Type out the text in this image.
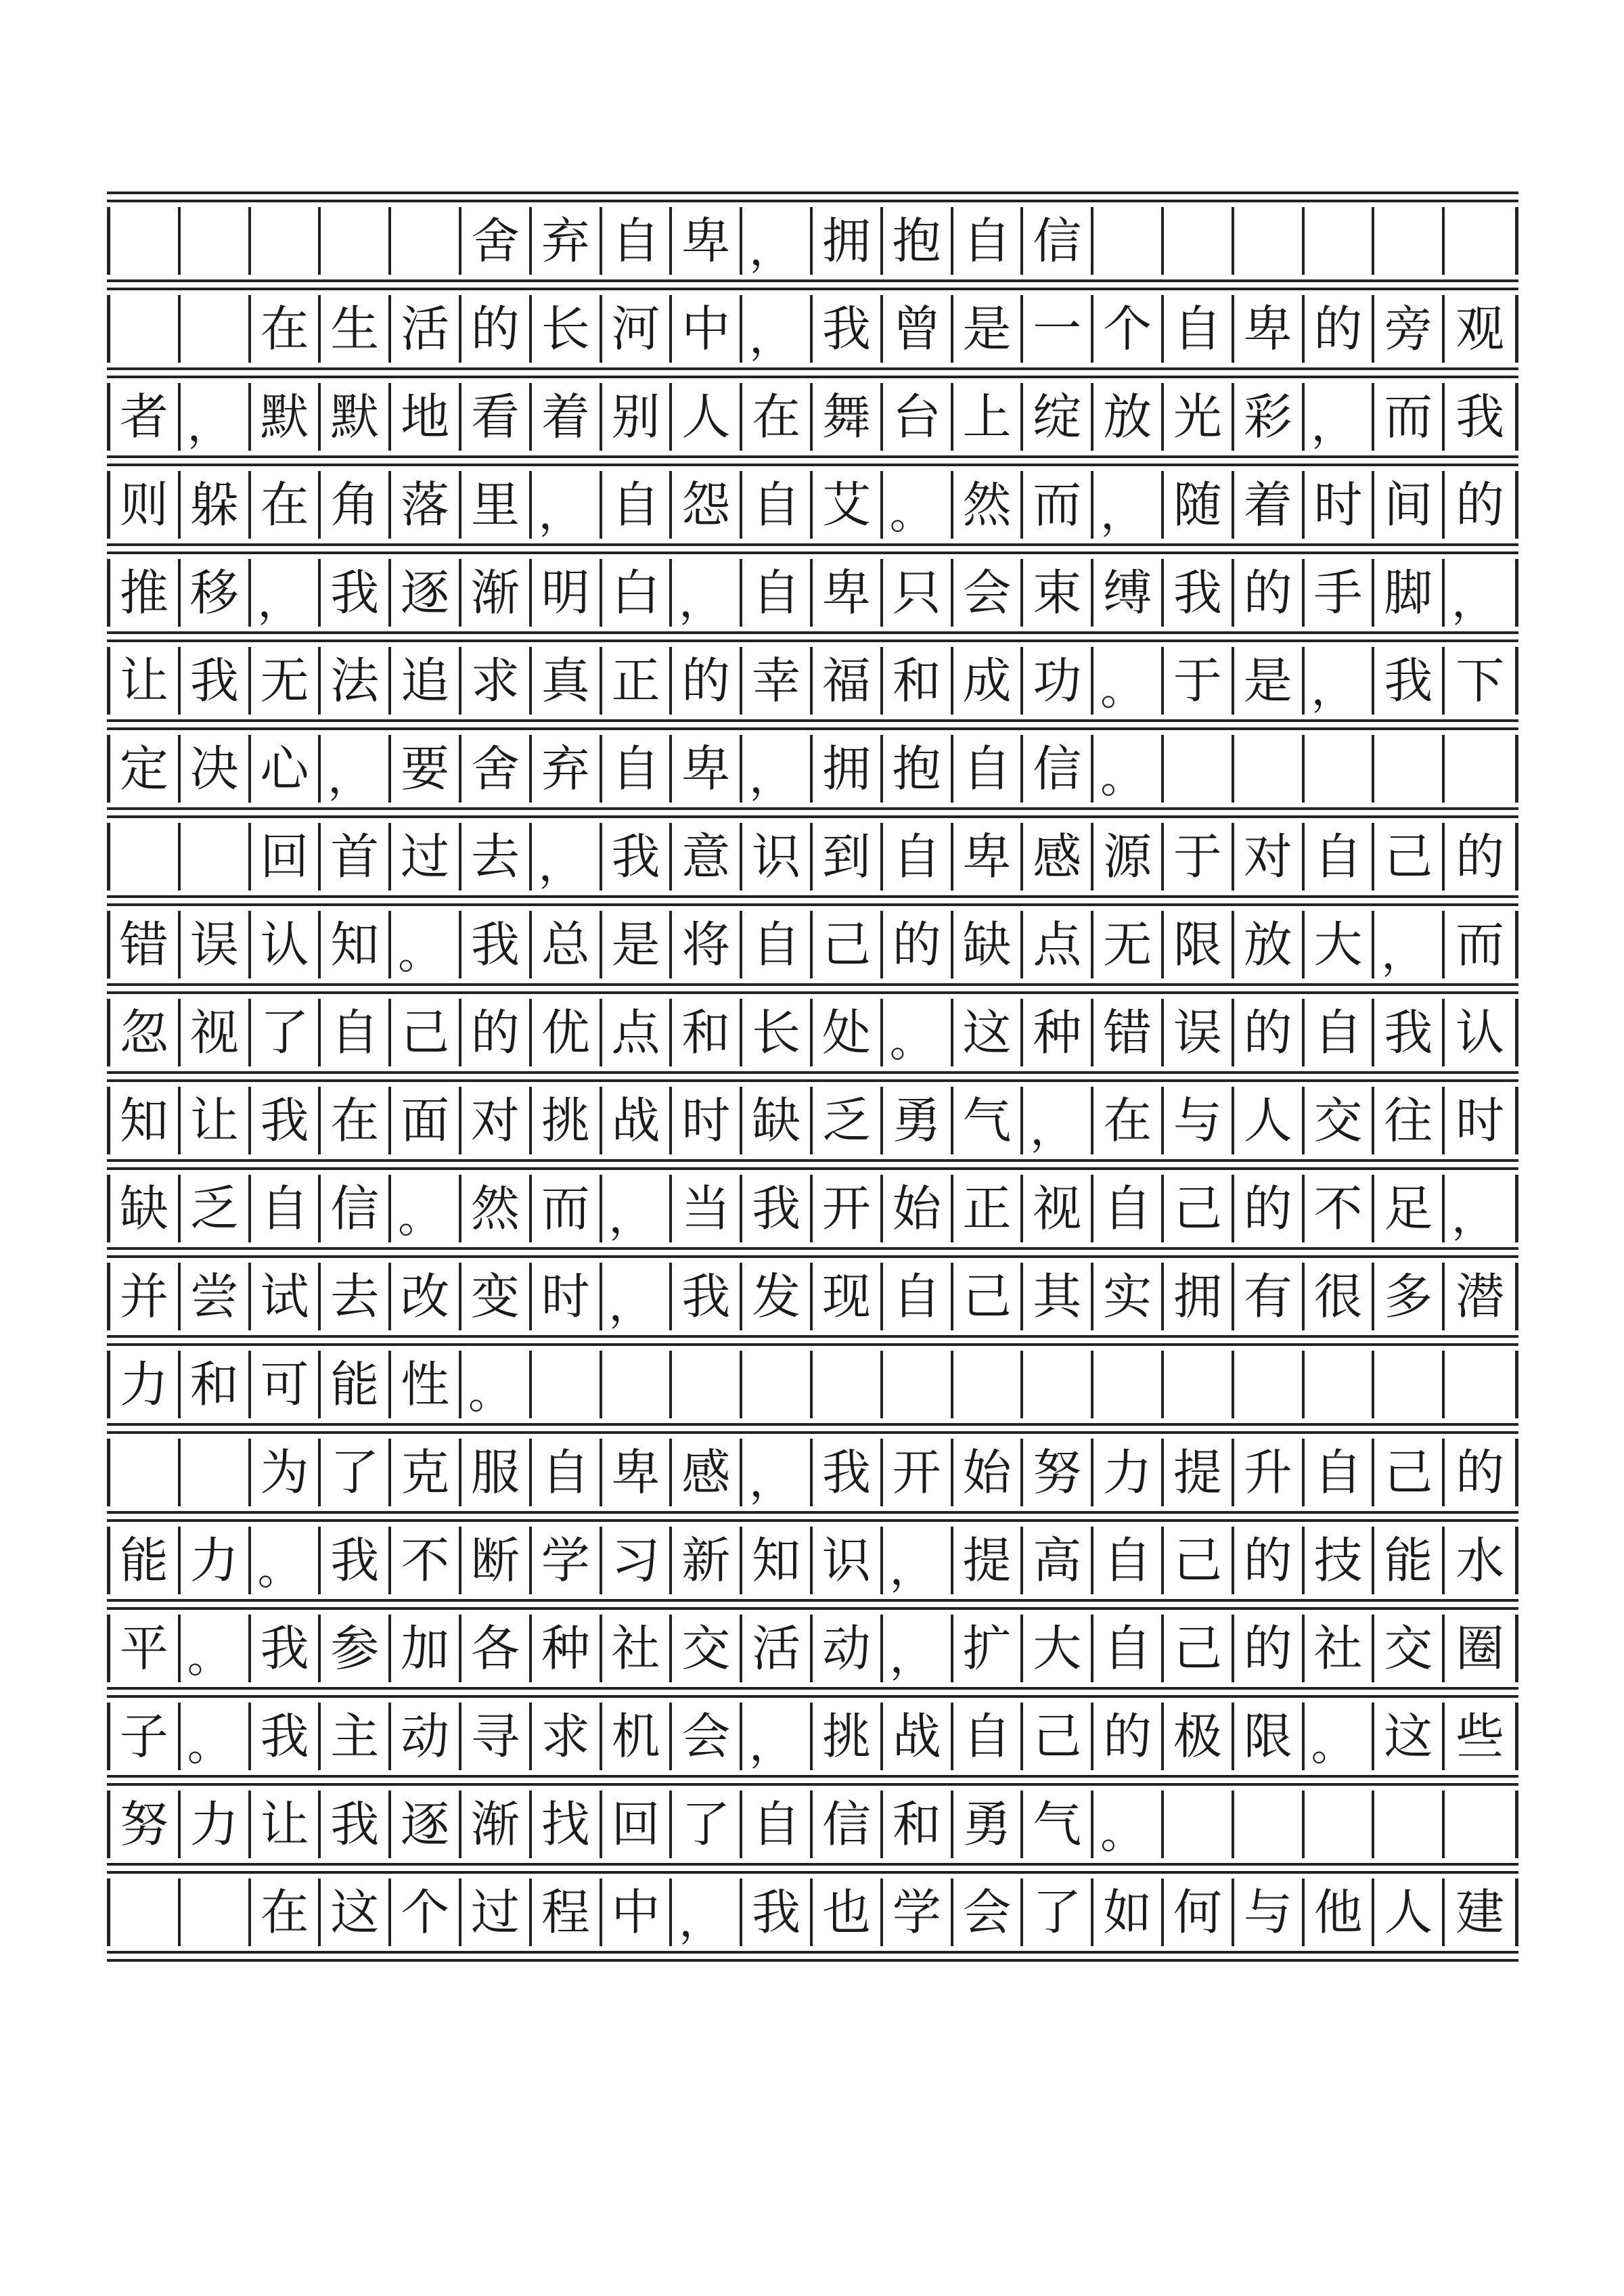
舍 弃 自 卑 ， 拥 抱 自 信
在 生 活 的 长 河 中 ， 我 曾 是 一 个 自 卑 的 旁 观
者 ， 默 默 地 看 着 别 人 在 舞 台 上 绽 放 光 彩 ， 而 我
则 躲 在 角 落 里 ， 自 怨 自 艾 。 然 而 ， 随 着 时 间 的
推 移 ， 我 逐 渐 明 白 ， 自 卑 只 会 束 缚 我 的 手 脚 ，
让 我 无 法 追 求 真 正 的 幸 福 和 成 功 。 于 是 ， 我 下
定 决 心 ， 要 舍 弃 自 卑 ， 拥 抱 自 信 。
回 首 过 去 ， 我 意 识 到 自 卑 感 源 于 对 自 己 的
错 误 认 知 。 我 总 是 将 自 己 的 缺 点 无 限 放 大 ， 而
忽 视 了 自 己 的 优 点 和 长 处 。 这 种 错 误 的 自 我 认
知 让 我 在 面 对 挑 战 时 缺 乏 勇 气 ， 在 与 人 交 往 时
缺 乏 自 信 。 然 而 ， 当 我 开 始 正 视 自 己 的 不 足 ，
并 尝 试 去 改 变 时 ， 我 发 现 自 己 其 实 拥 有 很 多 潜
力 和 可 能 性 。
为 了 克 服 自 卑 感 ， 我 开 始 努 力 提 升 自 己 的
能 力 。 我 不 断 学 习 新 知 识 ， 提 高 自 己 的 技 能 水
平 。 我 参 加 各 种 社 交 活 动 ， 扩 大 自 己 的 社 交 圈
子 。 我 主 动 寻 求 机 会 ， 挑 战 自 己 的 极 限 。 这 些
努 力 让 我 逐 渐 找 回 了 自 信 和 勇 气 。
在 这 个 过 程 中 ， 我 也 学 会 了 如 何 与 他 人 建
